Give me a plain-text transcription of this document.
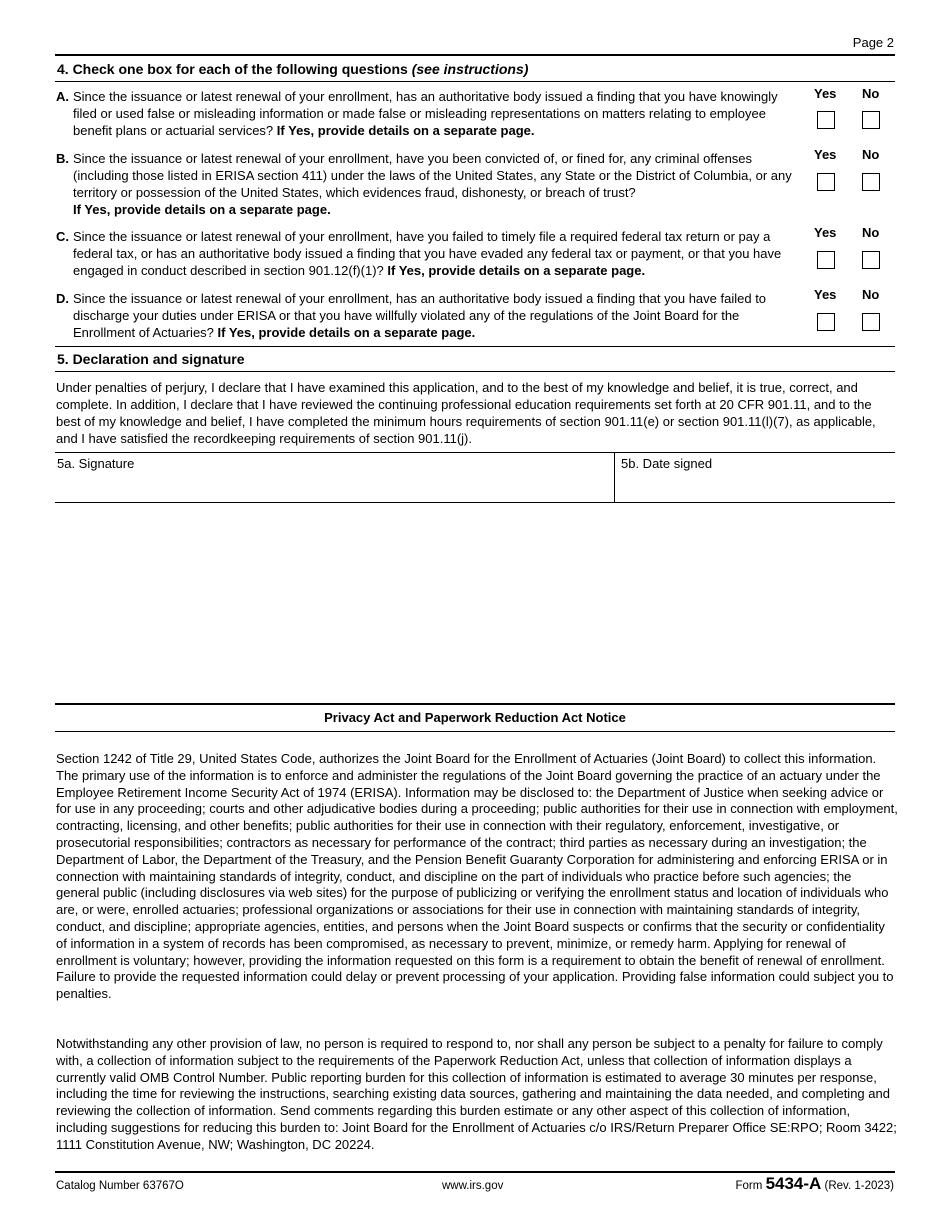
Page 2
4. Check one box for each of the following questions (see instructions)
A. Since the issuance or latest renewal of your enrollment, has an authoritative body issued a finding that you have knowingly filed or used false or misleading information or made false or misleading representations on matters relating to employee benefit plans or actuarial services? If Yes, provide details on a separate page.
Yes No
B. Since the issuance or latest renewal of your enrollment, have you been convicted of, or fined for, any criminal offenses (including those listed in ERISA section 411) under the laws of the United States, any State or the District of Columbia, or any territory or possession of the United States, which evidences fraud, dishonesty, or breach of trust?
If Yes, provide details on a separate page.
Yes No
C. Since the issuance or latest renewal of your enrollment, have you failed to timely file a required federal tax return or pay a federal tax, or has an authoritative body issued a finding that you have evaded any federal tax or payment, or that you have engaged in conduct described in section 901.12(f)(1)? If Yes, provide details on a separate page.
Yes No
D. Since the issuance or latest renewal of your enrollment, has an authoritative body issued a finding that you have failed to discharge your duties under ERISA or that you have willfully violated any of the regulations of the Joint Board for the Enrollment of Actuaries? If Yes, provide details on a separate page.
Yes No
5. Declaration and signature
Under penalties of perjury, I declare that I have examined this application, and to the best of my knowledge and belief, it is true, correct, and complete. In addition, I declare that I have reviewed the continuing professional education requirements set forth at 20 CFR 901.11, and to the best of my knowledge and belief, I have completed the minimum hours requirements of section 901.11(e) or section 901.11(l)(7), as applicable, and I have satisfied the recordkeeping requirements of section 901.11(j).
5a. Signature	5b. Date signed
Privacy Act and Paperwork Reduction Act Notice
Section 1242 of Title 29, United States Code, authorizes the Joint Board for the Enrollment of Actuaries (Joint Board) to collect this information. The primary use of the information is to enforce and administer the regulations of the Joint Board governing the practice of an actuary under the Employee Retirement Income Security Act of 1974 (ERISA). Information may be disclosed to: the Department of Justice when seeking advice or for use in any proceeding; courts and other adjudicative bodies during a proceeding; public authorities for their use in connection with employment, contracting, licensing, and other benefits; public authorities for their use in connection with their regulatory, enforcement, investigative, or prosecutorial responsibilities; contractors as necessary for performance of the contract; third parties as necessary during an investigation; the Department of Labor, the Department of the Treasury, and the Pension Benefit Guaranty Corporation for administering and enforcing ERISA or in connection with maintaining standards of integrity, conduct, and discipline on the part of individuals who practice before such agencies; the general public (including disclosures via web sites) for the purpose of publicizing or verifying the enrollment status and location of individuals who are, or were, enrolled actuaries; professional organizations or associations for their use in connection with maintaining standards of integrity, conduct, and discipline; appropriate agencies, entities, and persons when the Joint Board suspects or confirms that the security or confidentiality of information in a system of records has been compromised, as necessary to prevent, minimize, or remedy harm. Applying for renewal of enrollment is voluntary; however, providing the information requested on this form is a requirement to obtain the benefit of renewal of enrollment. Failure to provide the requested information could delay or prevent processing of your application. Providing false information could subject you to penalties.
Notwithstanding any other provision of law, no person is required to respond to, nor shall any person be subject to a penalty for failure to comply with, a collection of information subject to the requirements of the Paperwork Reduction Act, unless that collection of information displays a currently valid OMB Control Number. Public reporting burden for this collection of information is estimated to average 30 minutes per response, including the time for reviewing the instructions, searching existing data sources, gathering and maintaining the data needed, and completing and reviewing the collection of information. Send comments regarding this burden estimate or any other aspect of this collection of information, including suggestions for reducing this burden to: Joint Board for the Enrollment of Actuaries c/o IRS/Return Preparer Office SE:RPO; Room 3422; 1111 Constitution Avenue, NW; Washington, DC 20224.
Catalog Number 63767O	www.irs.gov	Form 5434-A (Rev. 1-2023)
